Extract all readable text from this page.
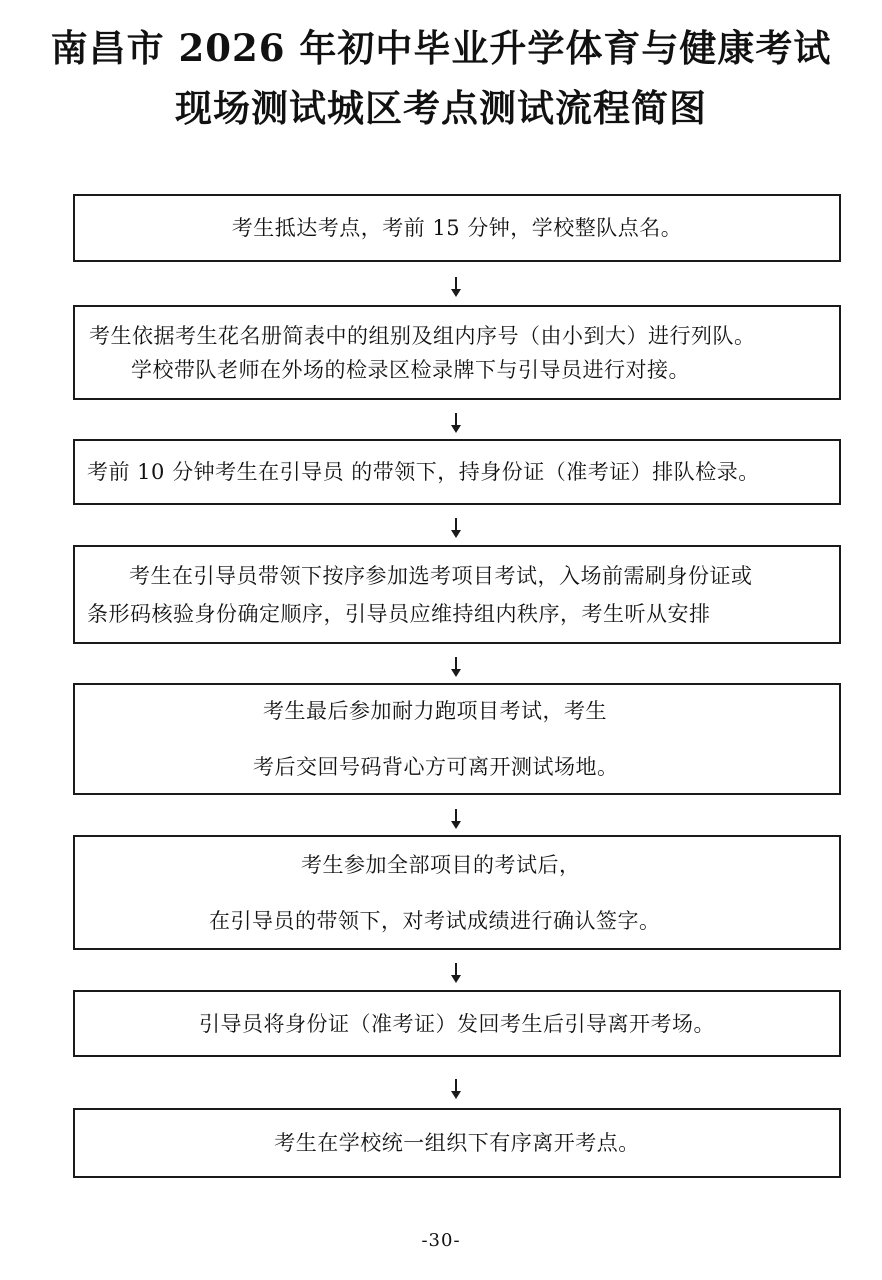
南昌市 2026 年初中毕业升学体育与健康考试
现场测试城区考点测试流程简图
考生抵达考点，考前 15 分钟，学校整队点名。
考生依据考生花名册简表中的组别及组内序号（由小到大）进行列队。
学校带队老师在外场的检录区检录牌下与引导员进行对接。
考前 10 分钟考生在引导员 的带领下，持身份证（准考证）排队检录。
考生在引导员带领下按序参加选考项目考试，入场前需刷身份证或
条形码核验身份确定顺序，引导员应维持组内秩序，考生听从安排
考生最后参加耐力跑项目考试，考生
考后交回号码背心方可离开测试场地。
考生参加全部项目的考试后，
在引导员的带领下，对考试成绩进行确认签字。
引导员将身份证（准考证）发回考生后引导离开考场。
考生在学校统一组织下有序离开考点。
-30-
